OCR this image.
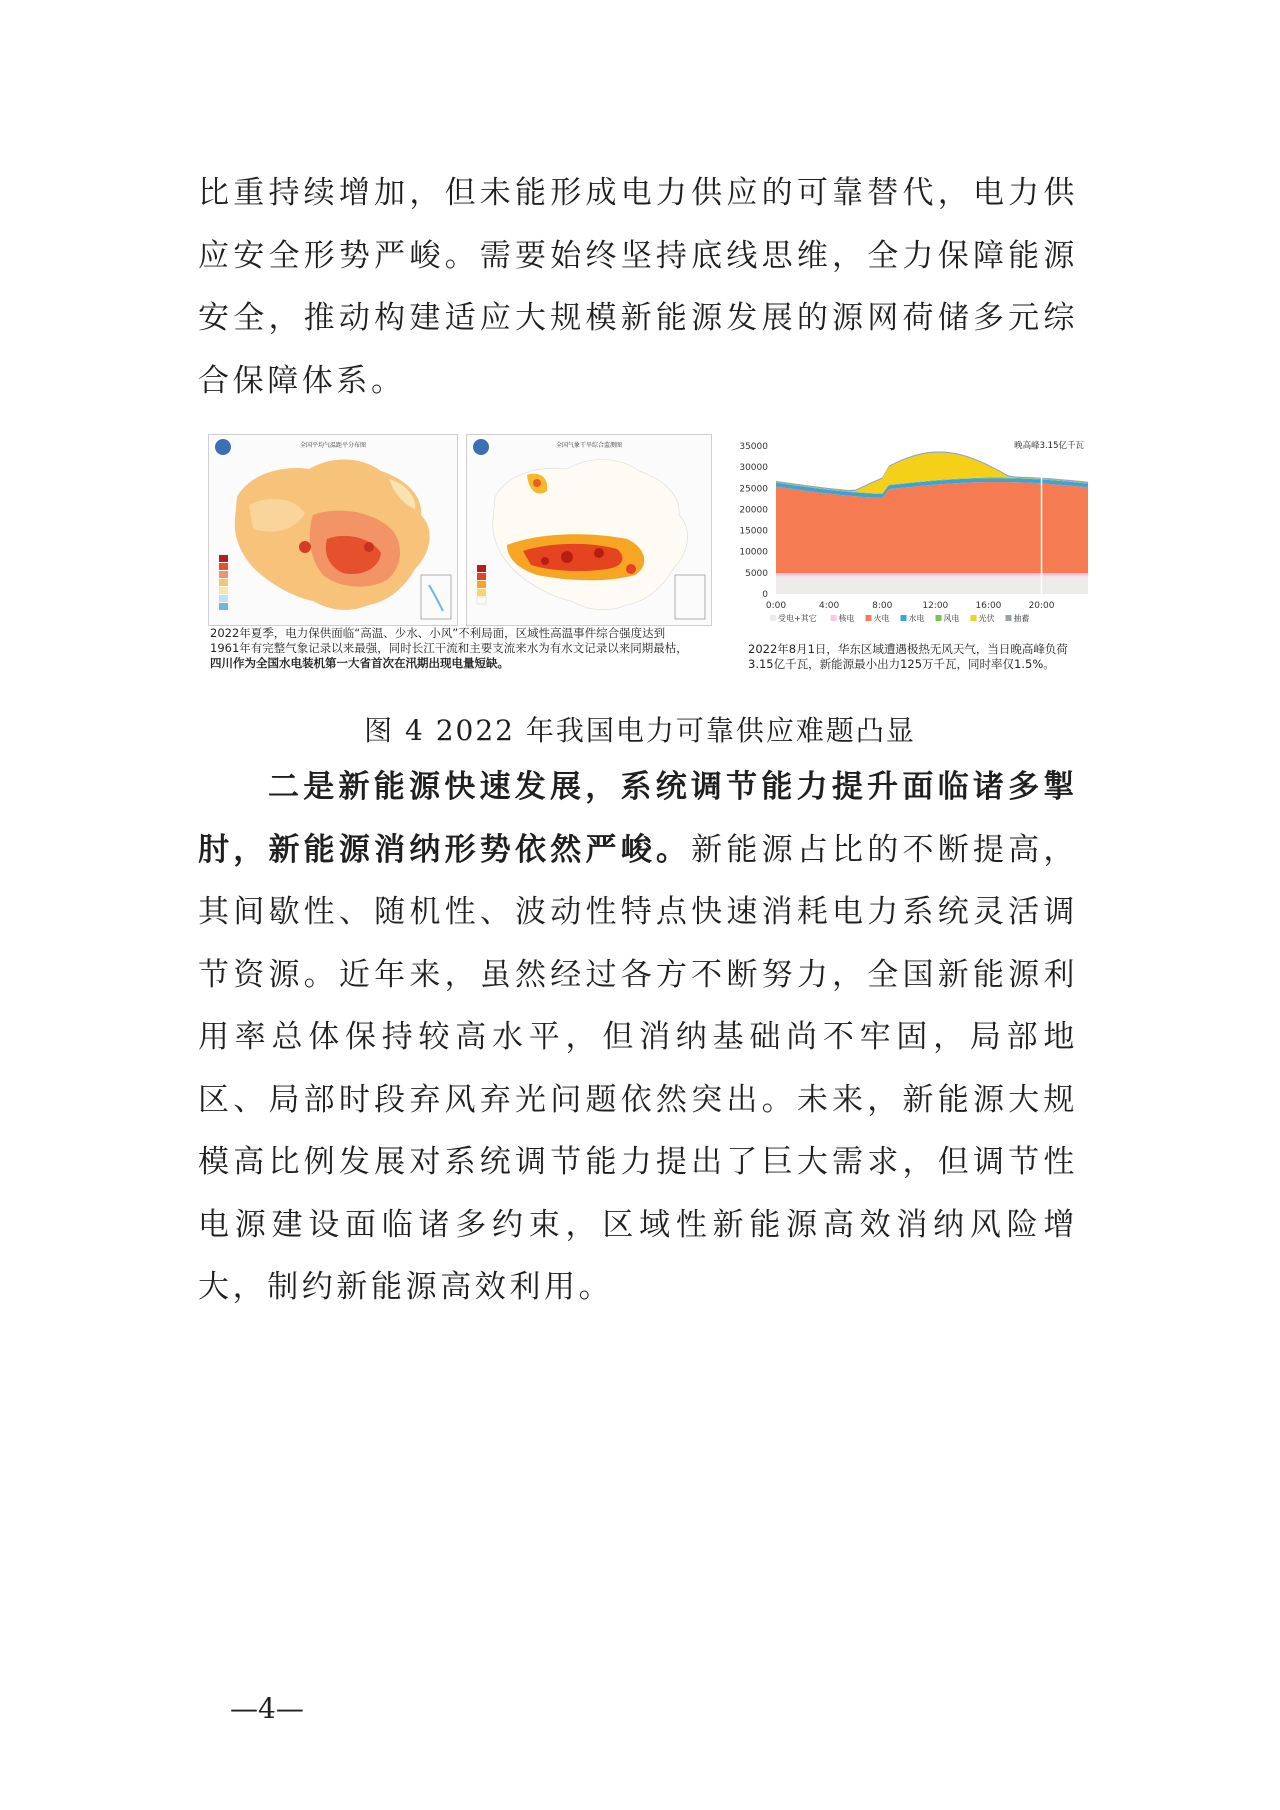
比重持续增加，但未能形成电力供应的可靠替代，电力供应安全形势严峻。需要始终坚持底线思维，全力保障能源安全，推动构建适应大规模新能源发展的源网荷储多元综合保障体系。

全国平均气温距平分布图	全国气象干旱综合监测图	35000
30000
25000
20000
15000
10000
5000
0
0:00	4:00	8:00	12:00	16:00	20:00
晚高峰3.15亿千瓦
受电+其它	核电 火电 水电 风电 光伏 抽蓄
2022年夏季，电力保供面临“高温、少水、小风”不利局面，区域性高温事件综合强度达到
1961年有完整气象记录以来最强，同时长江干流和主要支流来水为有水文记录以来同期最枯，
四川作为全国水电装机第一大省首次在汛期出现电量短缺。
2022年8月1日，华东区域遭遇极热无风天气，当日晚高峰负荷
3.15亿千瓦，新能源最小出力125万千瓦，同时率仅1.5%。

图 4 2022 年我国电力可靠供应难题凸显

二是新能源快速发展，系统调节能力提升面临诸多掣肘，新能源消纳形势依然严峻。新能源占比的不断提高，其间歇性、随机性、波动性特点快速消耗电力系统灵活调节资源。近年来，虽然经过各方不断努力，全国新能源利用率总体保持较高水平，但消纳基础尚不牢固，局部地区、局部时段弃风弃光问题依然突出。未来，新能源大规模高比例发展对系统调节能力提出了巨大需求，但调节性电源建设面临诸多约束，区域性新能源高效消纳风险增大，制约新能源高效利用。

—4—
